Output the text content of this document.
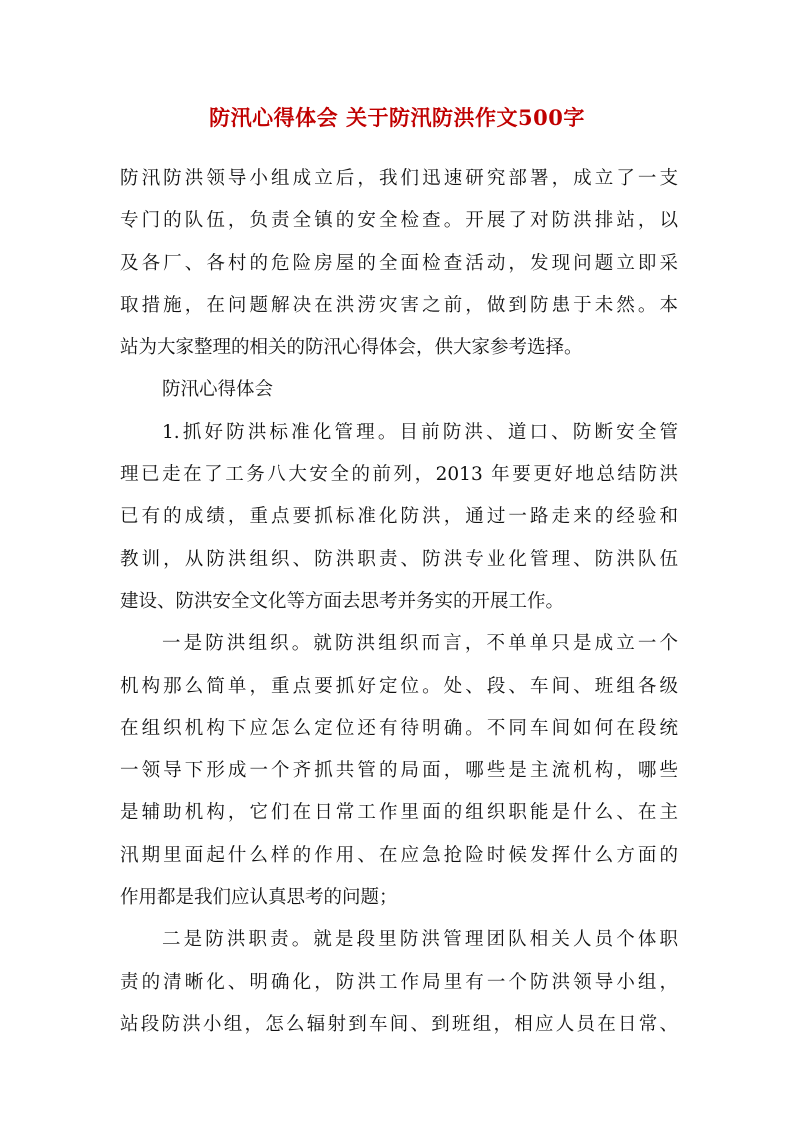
防汛心得体会 关于防汛防洪作文500字
防汛防洪领导小组成立后，我们迅速研究部署，成立了一支
专门的队伍，负责全镇的安全检查。开展了对防洪排站，以
及各厂、各村的危险房屋的全面检查活动，发现问题立即采
取措施，在问题解决在洪涝灾害之前，做到防患于未然。本
站为大家整理的相关的防汛心得体会，供大家参考选择。
防汛心得体会
1.抓好防洪标准化管理。目前防洪、道口、防断安全管
理已走在了工务八大安全的前列，2013 年要更好地总结防洪
已有的成绩，重点要抓标准化防洪，通过一路走来的经验和
教训，从防洪组织、防洪职责、防洪专业化管理、防洪队伍
建设、防洪安全文化等方面去思考并务实的开展工作。
一是防洪组织。就防洪组织而言，不单单只是成立一个
机构那么简单，重点要抓好定位。处、段、车间、班组各级
在组织机构下应怎么定位还有待明确。不同车间如何在段统
一领导下形成一个齐抓共管的局面，哪些是主流机构，哪些
是辅助机构，它们在日常工作里面的组织职能是什么、在主
汛期里面起什么样的作用、在应急抢险时候发挥什么方面的
作用都是我们应认真思考的问题；
二是防洪职责。就是段里防洪管理团队相关人员个体职
责的清晰化、明确化，防洪工作局里有一个防洪领导小组，
站段防洪小组，怎么辐射到车间、到班组，相应人员在日常、
